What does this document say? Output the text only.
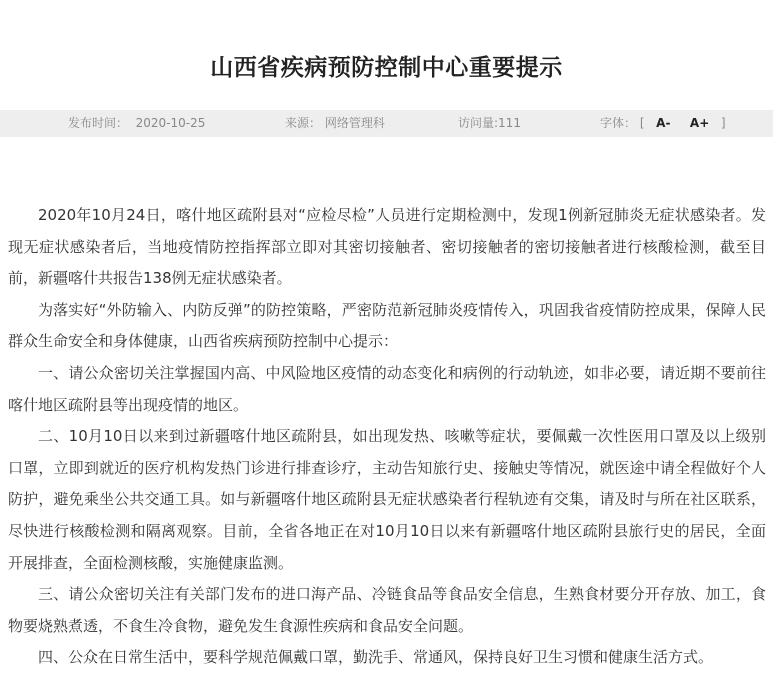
山西省疾病预防控制中心重要提示
发布时间： 2020-10-25	来源： 网络管理科	访问量:111	字体： [ A- A+ ]

2020年10月24日，喀什地区疏附县对“应检尽检”人员进行定期检测中，发现1例新冠肺炎无症状感染者。发现无症状感染者后，当地疫情防控指挥部立即对其密切接触者、密切接触者的密切接触者进行核酸检测，截至目前，新疆喀什共报告138例无症状感染者。

为落实好“外防输入、内防反弹”的防控策略，严密防范新冠肺炎疫情传入，巩固我省疫情防控成果，保障人民群众生命安全和身体健康，山西省疾病预防控制中心提示：

一、请公众密切关注掌握国内高、中风险地区疫情的动态变化和病例的行动轨迹，如非必要，请近期不要前往喀什地区疏附县等出现疫情的地区。

二、10月10日以来到过新疆喀什地区疏附县，如出现发热、咳嗽等症状，要佩戴一次性医用口罩及以上级别口罩，立即到就近的医疗机构发热门诊进行排查诊疗，主动告知旅行史、接触史等情况，就医途中请全程做好个人防护，避免乘坐公共交通工具。如与新疆喀什地区疏附县无症状感染者行程轨迹有交集，请及时与所在社区联系，尽快进行核酸检测和隔离观察。目前，全省各地正在对10月10日以来有新疆喀什地区疏附县旅行史的居民，全面开展排查，全面检测核酸，实施健康监测。

三、请公众密切关注有关部门发布的进口海产品、冷链食品等食品安全信息，生熟食材要分开存放、加工，食物要烧熟煮透，不食生冷食物，避免发生食源性疾病和食品安全问题。

四、公众在日常生活中，要科学规范佩戴口罩，勤洗手、常通风，保持良好卫生习惯和健康生活方式。
